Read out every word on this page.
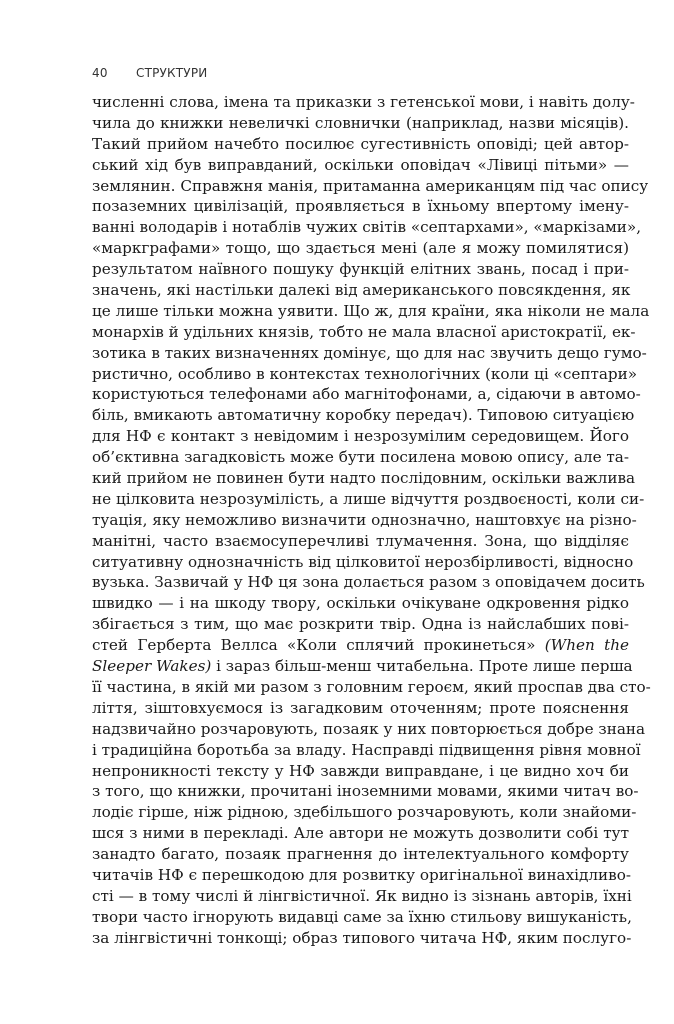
40 СТРУКТУРИ
численні слова, імена та приказки з гетенської мови, і навіть долу-
чила до книжки невеличкі словнички (наприклад, назви місяців).
Такий прийом начебто посилює сугестивність оповіді; цей автор-
ський хід був виправданий, оскільки оповідач «Лівиці пітьми» —
землянин. Справжня манія, притаманна американцям під час опису
позаземних цивілізацій, проявляється в їхньому впертому імену-
ванні володарів і нотаблів чужих світів «септархами», «маркізами»,
«маркграфами» тощо, що здається мені (але я можу помилятися)
результатом наївного пошуку функцій елітних звань, посад і при-
значень, які настільки далекі від американського повсякдення, як
це лише тільки можна уявити. Що ж, для країни, яка ніколи не мала
монархів й удільних князів, тобто не мала власної аристократії, ек-
зотика в таких визначеннях домінує, що для нас звучить дещо гумо-
ристично, особливо в контекстах технологічних (коли ці «септари»
користуються телефонами або магнітофонами, а, сідаючи в автомо-
біль, вмикають автоматичну коробку передач). Типовою ситуацією
для НФ є контакт з невідомим і незрозумілим середовищем. Його
об’єктивна загадковість може бути посилена мовою опису, але та-
кий прийом не повинен бути надто послідовним, оскільки важлива
не цілковита незрозумілість, а лише відчуття роздвоєності, коли си-
туація, яку неможливо визначити однозначно, наштовхує на різно-
манітні, часто взаємосуперечливі тлумачення. Зона, що відділяє
ситуативну однозначність від цілковитої нерозбірливості, відносно
вузька. Зазвичай у НФ ця зона долається разом з оповідачем досить
швидко — і на шкоду твору, оскільки очікуване одкровення рідко
збігається з тим, що має розкрити твір. Одна із найслабших пові-
стей Герберта Веллса «Коли сплячий прокинеться» (When the
Sleeper Wakes) і зараз більш-менш читабельна. Проте лише перша
її частина, в якій ми разом з головним героєм, який проспав два сто-
ліття, зіштовхуємося із загадковим оточенням; проте пояснення
надзвичайно розчаровують, позаяк у них повторюється добре знана
і традиційна боротьба за владу. Насправді підвищення рівня мовної
непроникності тексту у НФ завжди виправдане, і це видно хоч би
з того, що книжки, прочитані іноземними мовами, якими читач во-
лодіє гірше, ніж рідною, здебільшого розчаровують, коли знайоми-
шся з ними в перекладі. Але автори не можуть дозволити собі тут
занадто багато, позаяк прагнення до інтелектуального комфорту
читачів НФ є перешкодою для розвитку оригінальної винахідливо-
сті — в тому числі й лінгвістичної. Як видно із зізнань авторів, їхні
твори часто ігнорують видавці саме за їхню стильову вишуканість,
за лінгвістичні тонкощі; образ типового читача НФ, яким послуго-
